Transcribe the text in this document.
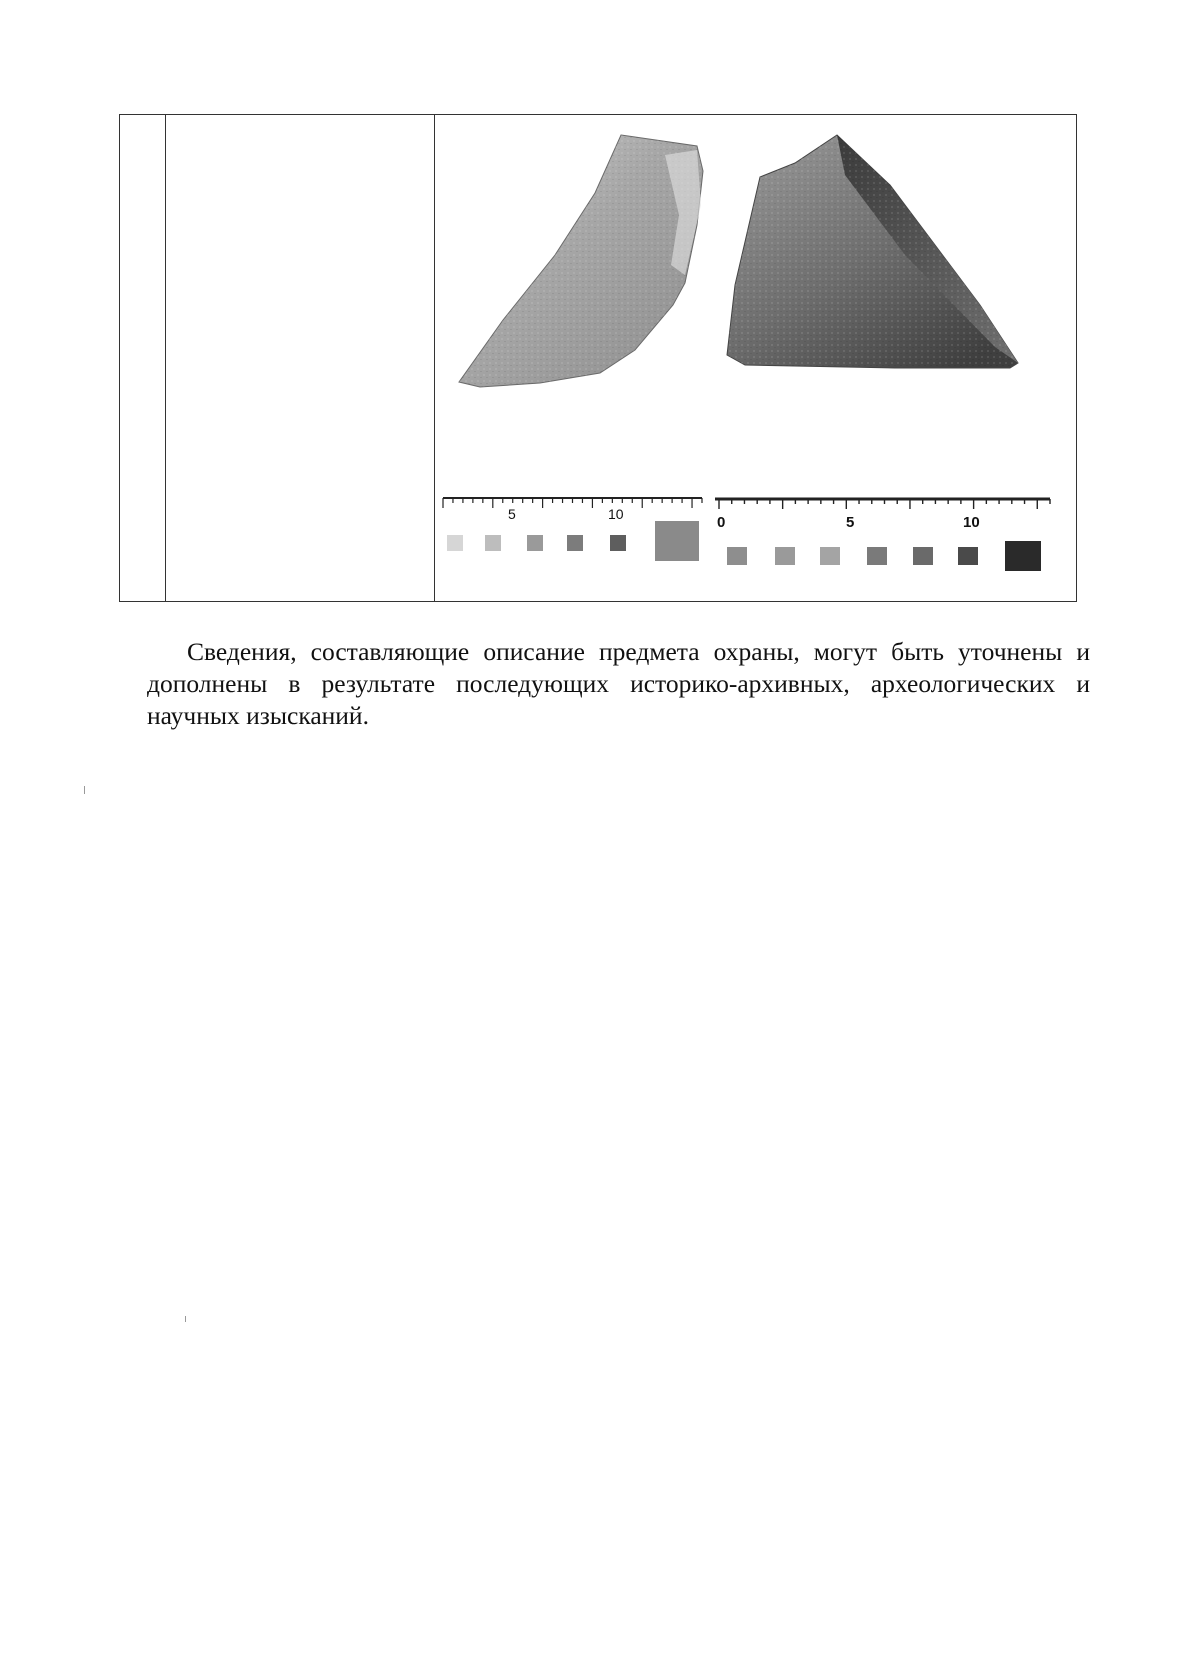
5	10	0	5	10

Сведения, составляющие описание предмета охраны, могут быть уточнены и дополнены в результате последующих историко-архивных, археологических и научных изысканий.
